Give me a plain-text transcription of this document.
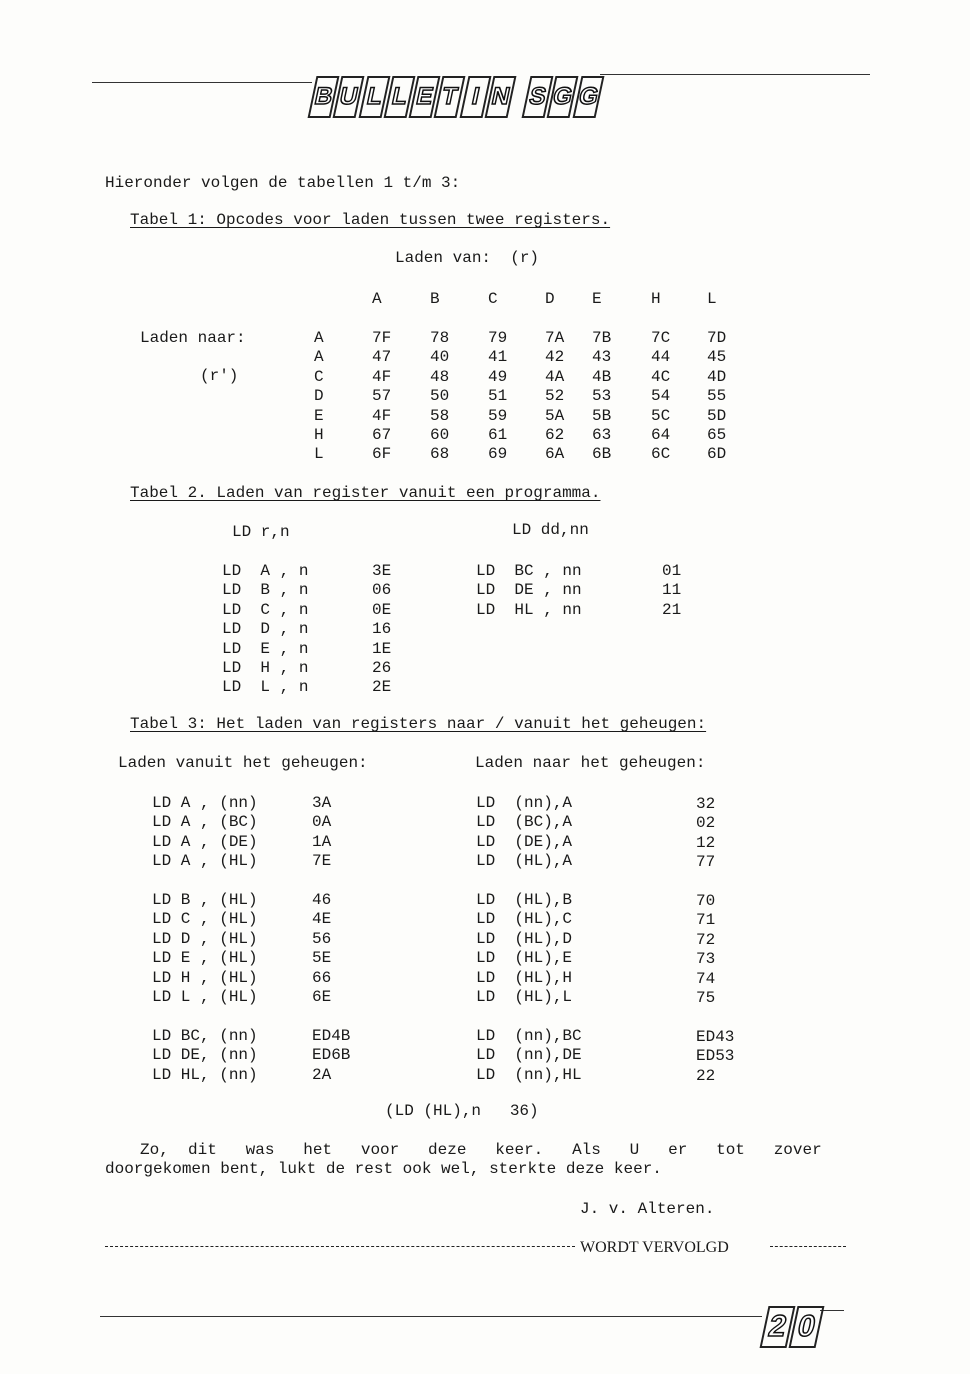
B U L L E T I N S G G
Hieronder volgen de tabellen 1 t/m 3:
Tabel 1: Opcodes voor laden tussen twee registers.
Laden van:  (r)
Laden naar:
(r')
A	B	C	D E	H	L
A	7F 78 79 7A 7B 7C 7D
A	47 40 41 42 43 44 45
C	4F 48 49 4A 4B 4C 4D
D	57 50 51 52 53 54 55
E	4F 58 59 5A 5B 5C 5D
H	67 60 61 62 63 64 65
L	6F 68 69 6A 6B 6C 6D
Tabel 2. Laden van register vanuit een programma.
LD r,n	LD dd,nn
LD  A , n	3E
LD  B , n	06
LD  C , n	0E
LD  D , n	16
LD  E , n	1E
LD  H , n	26
LD  L , n	2E
LD  BC , nn	01
LD  DE , nn	11
LD  HL , nn	21
Tabel 3: Het laden van registers naar / vanuit het geheugen:
Laden vanuit het geheugen:	Laden naar het geheugen:
LD A , (nn)	3A	LD  (nn),A	32
LD A , (BC)	0A	LD  (BC),A	02
LD A , (DE)	1A	LD  (DE),A	12
LD A , (HL)	7E	LD  (HL),A	77
LD B , (HL)	46	LD  (HL),B	70
LD C , (HL)	4E	LD  (HL),C	71
LD D , (HL)	56	LD  (HL),D	72
LD E , (HL)	5E	LD  (HL),E	73
LD H , (HL)	66	LD  (HL),H	74
LD L , (HL)	6E	LD  (HL),L	75
LD BC, (nn)	ED4B	LD  (nn),BC	ED43
LD DE, (nn)	ED6B	LD  (nn),DE	ED53
LD HL, (nn)	2A	LD  (nn),HL	22
(LD (HL),n   36)
Zo,  dit   was   het   voor   deze   keer.   Als   U   er   tot   zover
doorgekomen bent, lukt de rest ook wel, sterkte deze keer.
J. v. Alteren.
WORDT VERVOLGD
2 0
